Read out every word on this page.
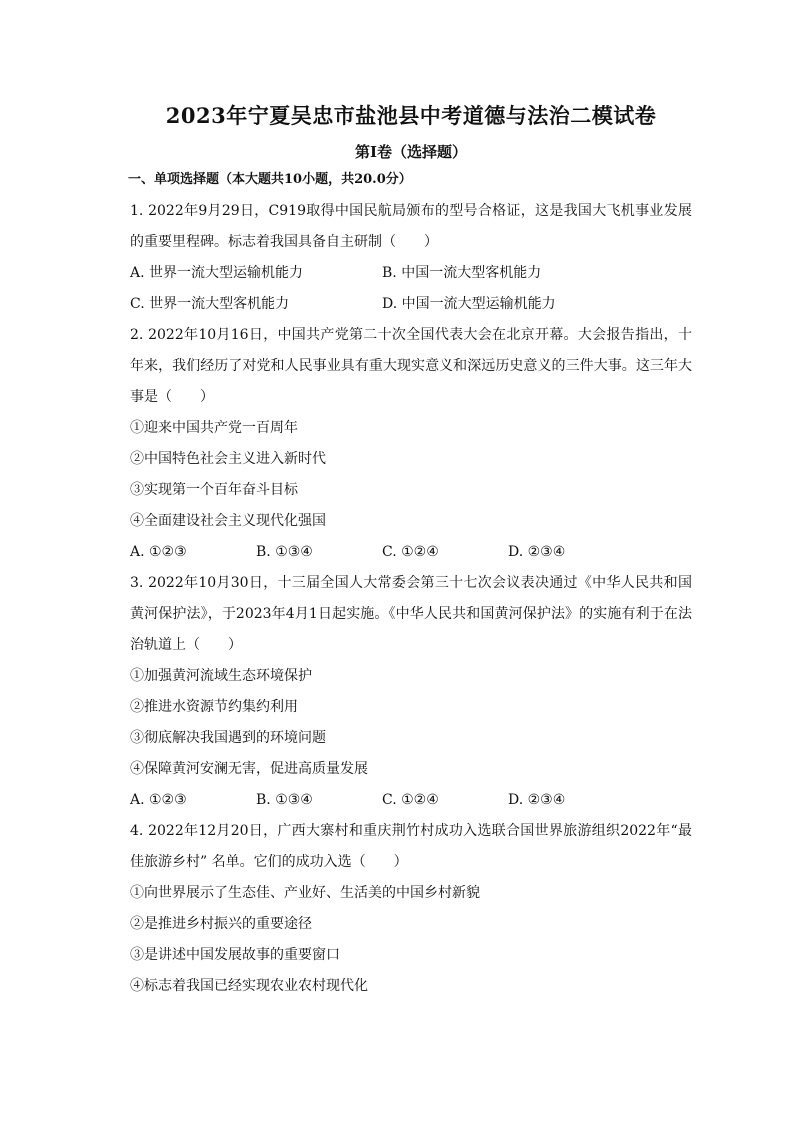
2023年宁夏吴忠市盐池县中考道德与法治二模试卷
第I卷（选择题）
一、单项选择题（本大题共10小题，共20.0分）
1. 2022年9月29日，C919取得中国民航局颁布的型号合格证，这是我国大飞机事业发展的重要里程碑。标志着我国具备自主研制（　　）
A. 世界一流大型运输机能力	B. 中国一流大型客机能力
C. 世界一流大型客机能力	D. 中国一流大型运输机能力
2. 2022年10月16日，中国共产党第二十次全国代表大会在北京开幕。大会报告指出，十年来，我们经历了对党和人民事业具有重大现实意义和深远历史意义的三件大事。这三年大事是（　　）
①迎来中国共产党一百周年
②中国特色社会主义进入新时代
③实现第一个百年奋斗目标
④全面建设社会主义现代化强国
A. ①②③	B. ①③④	C. ①②④	D. ②③④
3. 2022年10月30日，十三届全国人大常委会第三十七次会议表决通过《中华人民共和国黄河保护法》，于2023年4月1日起实施。《中华人民共和国黄河保护法》的实施有利于在法治轨道上（　　）
①加强黄河流域生态环境保护
②推进水资源节约集约利用
③彻底解决我国遇到的环境问题
④保障黄河安澜无害，促进高质量发展
A. ①②③	B. ①③④	C. ①②④	D. ②③④
4. 2022年12月20日，广西大寨村和重庆荆竹村成功入选联合国世界旅游组织2022年“最佳旅游乡村” 名单。它们的成功入选（　　）
①向世界展示了生态佳、产业好、生活美的中国乡村新貌
②是推进乡村振兴的重要途径
③是讲述中国发展故事的重要窗口
④标志着我国已经实现农业农村现代化
